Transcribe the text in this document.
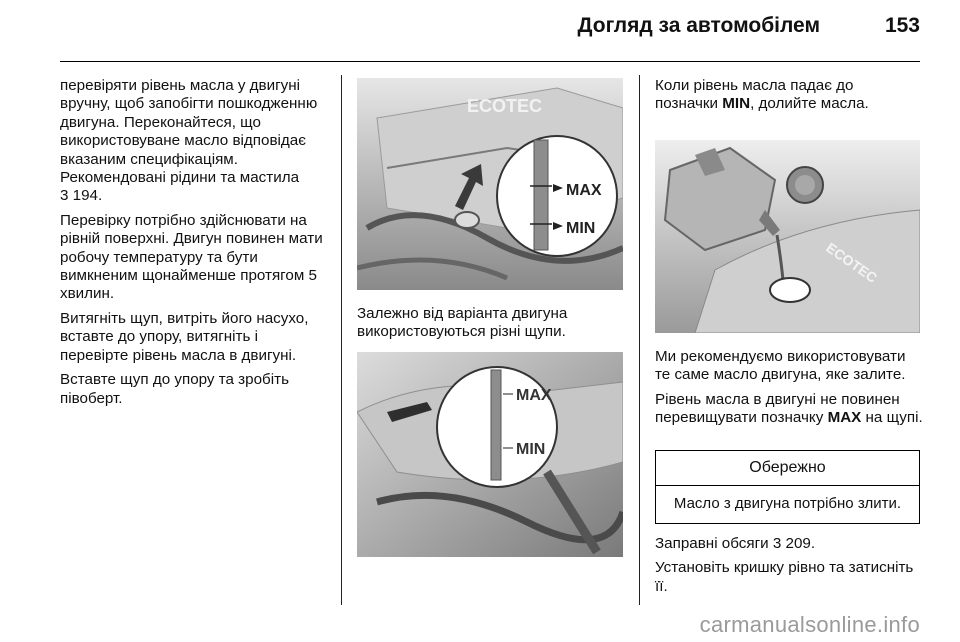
Догляд за автомобілем	153

перевіряти рівень масла у двигуні вручну, щоб запобігти пошкодженню двигуна. Переконайтеся, що використовуване масло відповідає вказаним специфікаціям. Рекомендовані рідини та мастила
3 194.

Перевірку потрібно здійснювати на рівній поверхні. Двигун повинен мати робочу температуру та бути вимкненим щонайменше протягом 5 хвилин.

Витягніть щуп, витріть його насухо, вставте до упору, витягніть і перевірте рівень масла в двигуні.

Вставте щуп до упору та зробіть півоберт.

ECOTEC
MAX
MIN
Залежно від варіанта двигуна використовуються різні щупи.
MAX
MIN

Коли рівень масла падає до позначки MIN, долийте масла.

ECOTEC

Ми рекомендуємо використовувати те саме масло двигуна, яке залите.

Рівень масла в двигуні не повинен перевищувати позначку MAX на щупі.

Обережно
Масло з двигуна потрібно злити.

Заправні обсяги 3 209.

Установіть кришку рівно та затисніть її.

carmanualsonline.info
